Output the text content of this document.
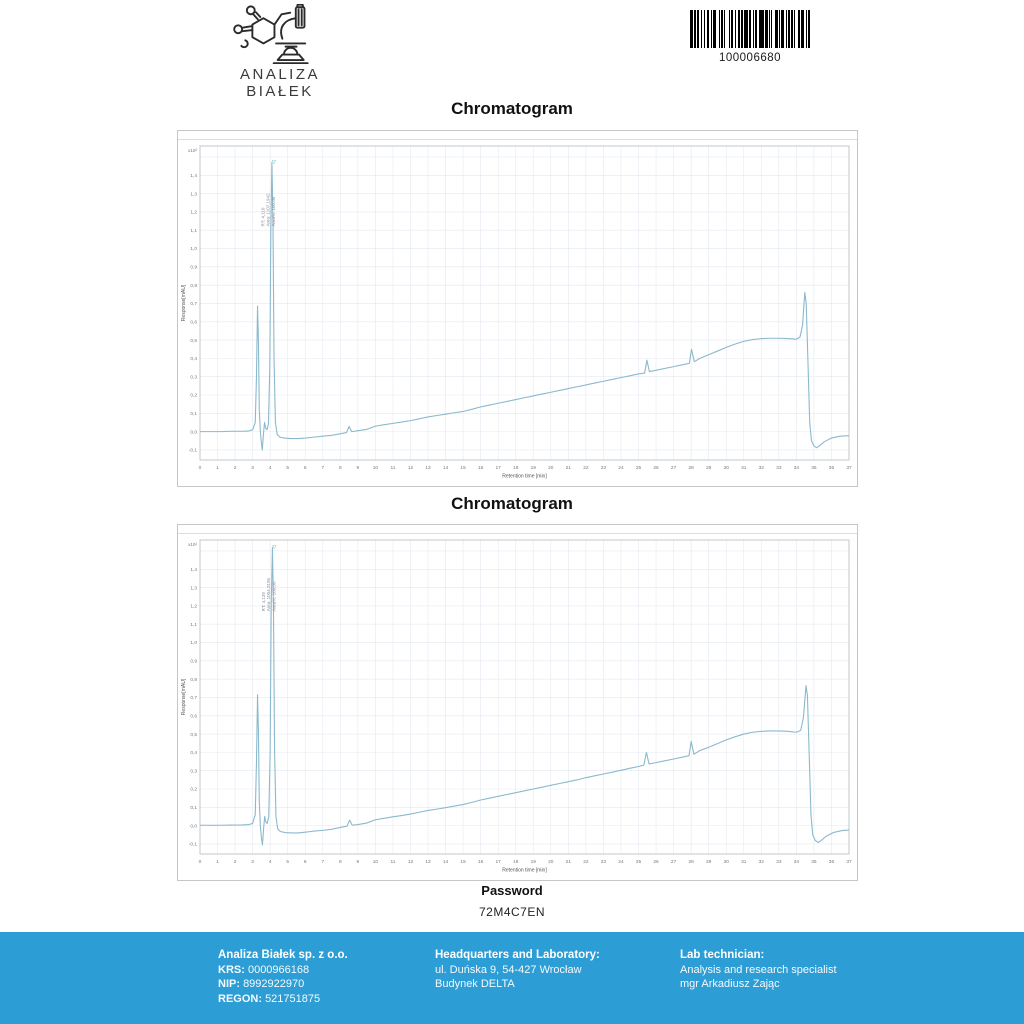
ANALIZA BIAŁEK
100006680
Chromatogram
0	1	2	3	4	5	6	7	8	9	10	11	12	13	14	15	16	17	18	19	20	21	22	23	24	25	26	27	28	29	30	31	32	33	34	35	36	37
-0,1
0,0
0,1
0,2
0,3
0,4
0,5
0,6
0,7
0,8
0,9
1,0
1,1
1,2
1,3
1,4
x10²
Retention time [min]
Response[mAU]
▽
RT: 4,110 Area: 1107,1942 Area%: 100,00
Chromatogram
0	1	2	3	4	5	6	7	8	9	10	11	12	13	14	15	16	17	18	19	20	21	22	23	24	25	26	27	28	29	30	31	32	33	34	35	36	37
-0,1
0,0
0,1
0,2
0,3
0,4
0,5
0,6
0,7
0,8
0,9
1,0
1,1
1,2
1,3
1,4
x10²
Retention time [min]
Response[mAU]
▽
RT: 4,139 Area: 1004,3195 Area%: 100,00
Password
72M4C7EN
Analiza Białek sp. z o.o.
KRS: 0000966168
NIP: 8992922970
REGON: 521751875
Headquarters and Laboratory:
ul. Duńska 9, 54-427 Wrocław
Budynek DELTA
Lab technician:
Analysis and research specialist
mgr Arkadiusz Zając
